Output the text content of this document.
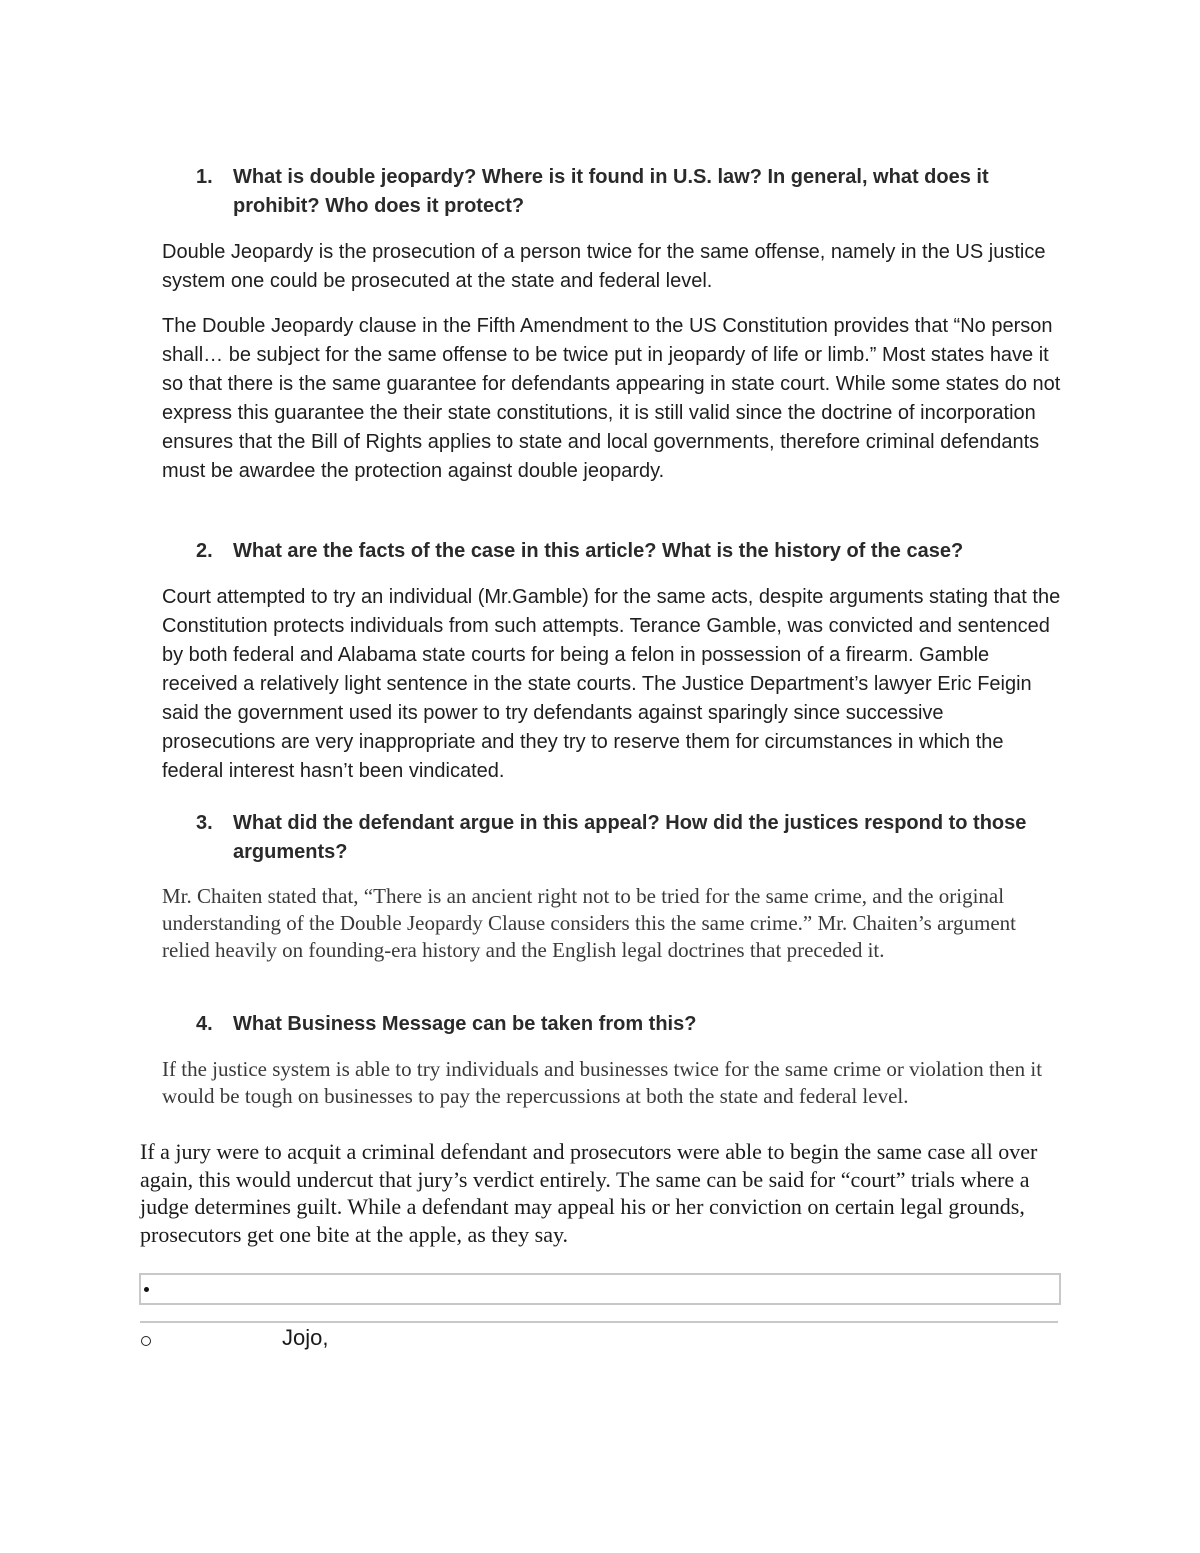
1.	What is double jeopardy? Where is it found in U.S. law? In general, what does it prohibit? Who does it protect?

Double Jeopardy is the prosecution of a person twice for the same offense, namely in the US justice system one could be prosecuted at the state and federal level.

The Double Jeopardy clause in the Fifth Amendment to the US Constitution provides that “No person shall… be subject for the same offense to be twice put in jeopardy of life or limb.” Most states have it so that there is the same guarantee for defendants appearing in state court. While some states do not express this guarantee the their state constitutions, it is still valid since the doctrine of incorporation ensures that the Bill of Rights applies to state and local governments, therefore criminal defendants must be awardee the protection against double jeopardy.

2.	What are the facts of the case in this article? What is the history of the case?

Court attempted to try an individual (Mr.Gamble) for the same acts, despite arguments stating that the Constitution protects individuals from such attempts. Terance Gamble, was convicted and sentenced by both federal and Alabama state courts for being a felon in possession of a firearm. Gamble received a relatively light sentence in the state courts. The Justice Department’s lawyer Eric Feigin said the government used its power to try defendants against sparingly since successive prosecutions are very inappropriate and they try to reserve them for circumstances in which the federal interest hasn’t been vindicated.

3.	What did the defendant argue in this appeal? How did the justices respond to those arguments?

Mr. Chaiten stated that, “There is an ancient right not to be tried for the same crime, and the original understanding of the Double Jeopardy Clause considers this the same crime.” Mr. Chaiten’s argument relied heavily on founding-era history and the English legal doctrines that preceded it.

4.	What Business Message can be taken from this?

If the justice system is able to try individuals and businesses twice for the same crime or violation then it would be tough on businesses to pay the repercussions at both the state and federal level.

If a jury were to acquit a criminal defendant and prosecutors were able to begin the same case all over again, this would undercut that jury’s verdict entirely. The same can be said for “court” trials where a judge determines guilt. While a defendant may appeal his or her conviction on certain legal grounds, prosecutors get one bite at the apple, as they say.

Jojo,
